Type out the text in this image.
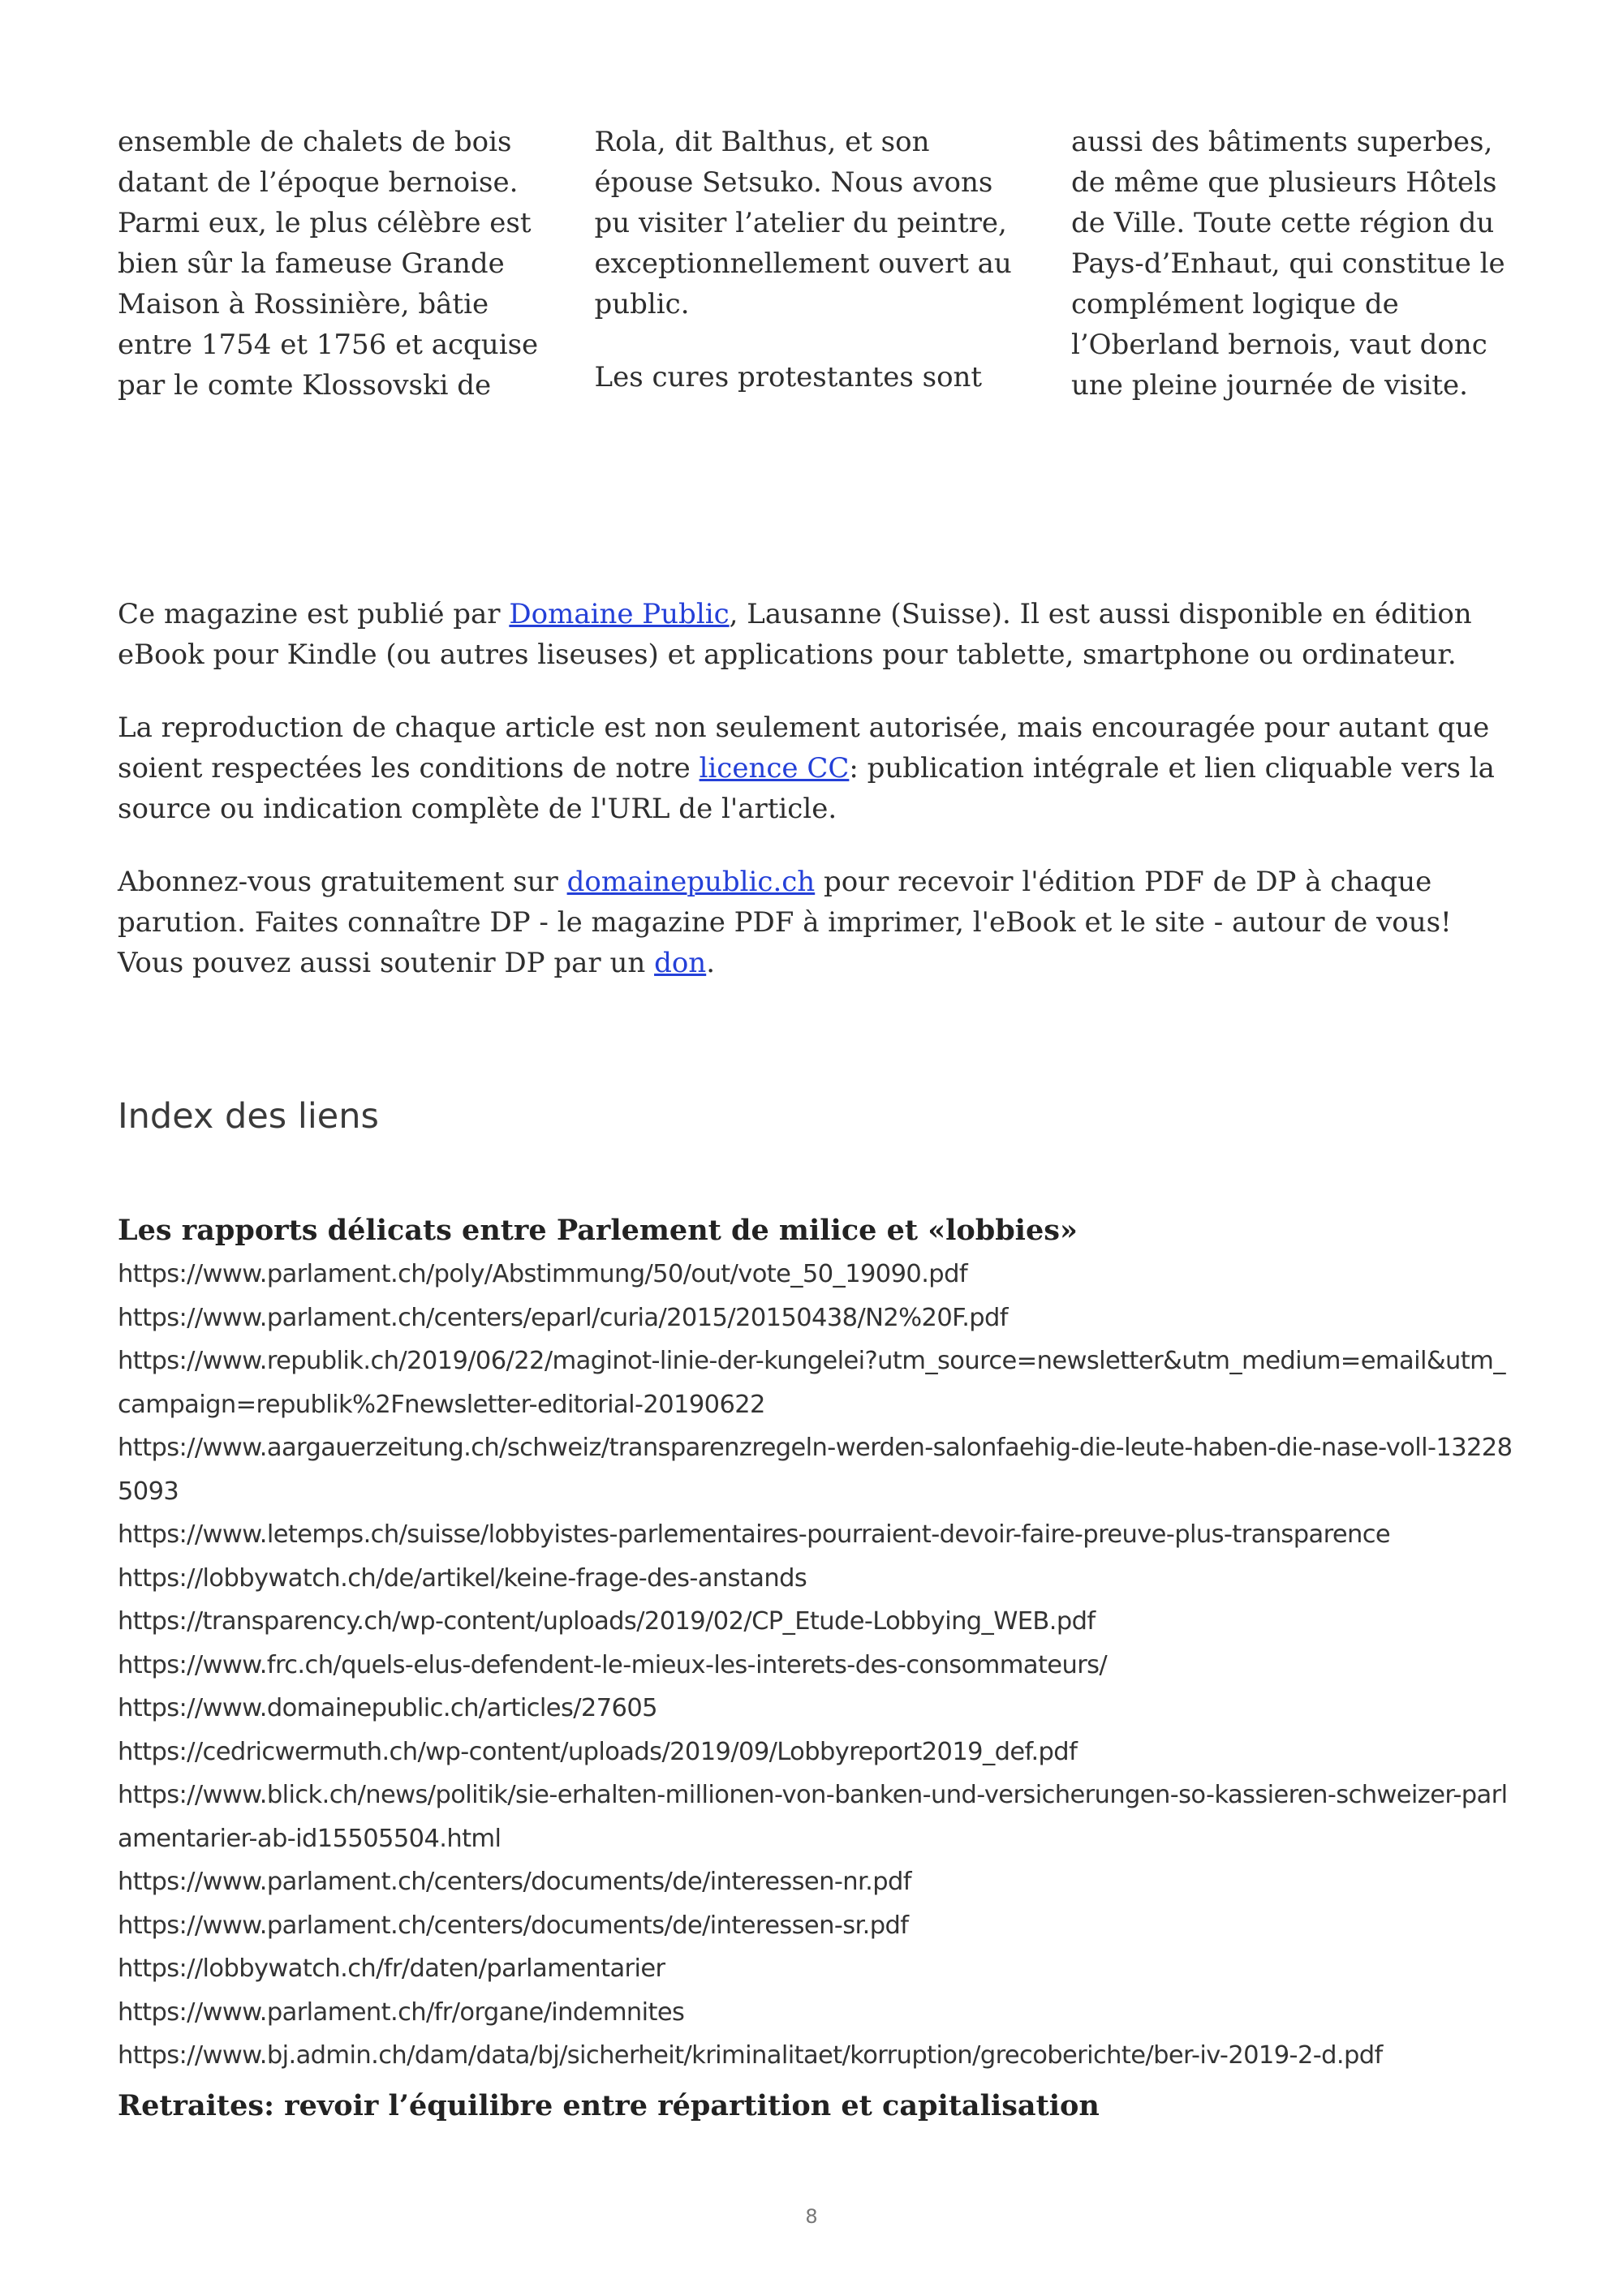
ensemble de chalets de bois datant de l’époque bernoise. Parmi eux, le plus célèbre est bien sûr la fameuse Grande Maison à Rossinière, bâtie entre 1754 et 1756 et acquise par le comte Klossovski de

Rola, dit Balthus, et son épouse Setsuko. Nous avons pu visiter l’atelier du peintre, exceptionnellement ouvert au public.

Les cures protestantes sont

aussi des bâtiments superbes, de même que plusieurs Hôtels de Ville. Toute cette région du Pays-d’Enhaut, qui constitue le complément logique de l’Oberland bernois, vaut donc une pleine journée de visite.

Ce magazine est publié par Domaine Public, Lausanne (Suisse). Il est aussi disponible en édition eBook pour Kindle (ou autres liseuses) et applications pour tablette, smartphone ou ordinateur.

La reproduction de chaque article est non seulement autorisée, mais encouragée pour autant que soient respectées les conditions de notre licence CC: publication intégrale et lien cliquable vers la source ou indication complète de l'URL de l'article.

Abonnez-vous gratuitement sur domainepublic.ch pour recevoir l'édition PDF de DP à chaque parution. Faites connaître DP - le magazine PDF à imprimer, l'eBook et le site - autour de vous! Vous pouvez aussi soutenir DP par un don.

Index des liens
Les rapports délicats entre Parlement de milice et «lobbies»
https://www.parlament.ch/poly/Abstimmung/50/out/vote_50_19090.pdf
https://www.parlament.ch/centers/eparl/curia/2015/20150438/N2%20F.pdf
https://www.republik.ch/2019/06/22/maginot-linie-der-kungelei?utm_source=newsletter&utm_medium=email&utm_campaign=republik%2Fnewsletter-editorial-20190622
https://www.aargauerzeitung.ch/schweiz/transparenzregeln-werden-salonfaehig-die-leute-haben-die-nase-voll-132285093
https://www.letemps.ch/suisse/lobbyistes-parlementaires-pourraient-devoir-faire-preuve-plus-transparence
https://lobbywatch.ch/de/artikel/keine-frage-des-anstands
https://transparency.ch/wp-content/uploads/2019/02/CP_Etude-Lobbying_WEB.pdf
https://www.frc.ch/quels-elus-defendent-le-mieux-les-interets-des-consommateurs/
https://www.domainepublic.ch/articles/27605
https://cedricwermuth.ch/wp-content/uploads/2019/09/Lobbyreport2019_def.pdf
https://www.blick.ch/news/politik/sie-erhalten-millionen-von-banken-und-versicherungen-so-kassieren-schweizer-parlamentarier-ab-id15505504.html
https://www.parlament.ch/centers/documents/de/interessen-nr.pdf
https://www.parlament.ch/centers/documents/de/interessen-sr.pdf
https://lobbywatch.ch/fr/daten/parlamentarier
https://www.parlament.ch/fr/organe/indemnites
https://www.bj.admin.ch/dam/data/bj/sicherheit/kriminalitaet/korruption/grecoberichte/ber-iv-2019-2-d.pdf
Retraites: revoir l’équilibre entre répartition et capitalisation
8
